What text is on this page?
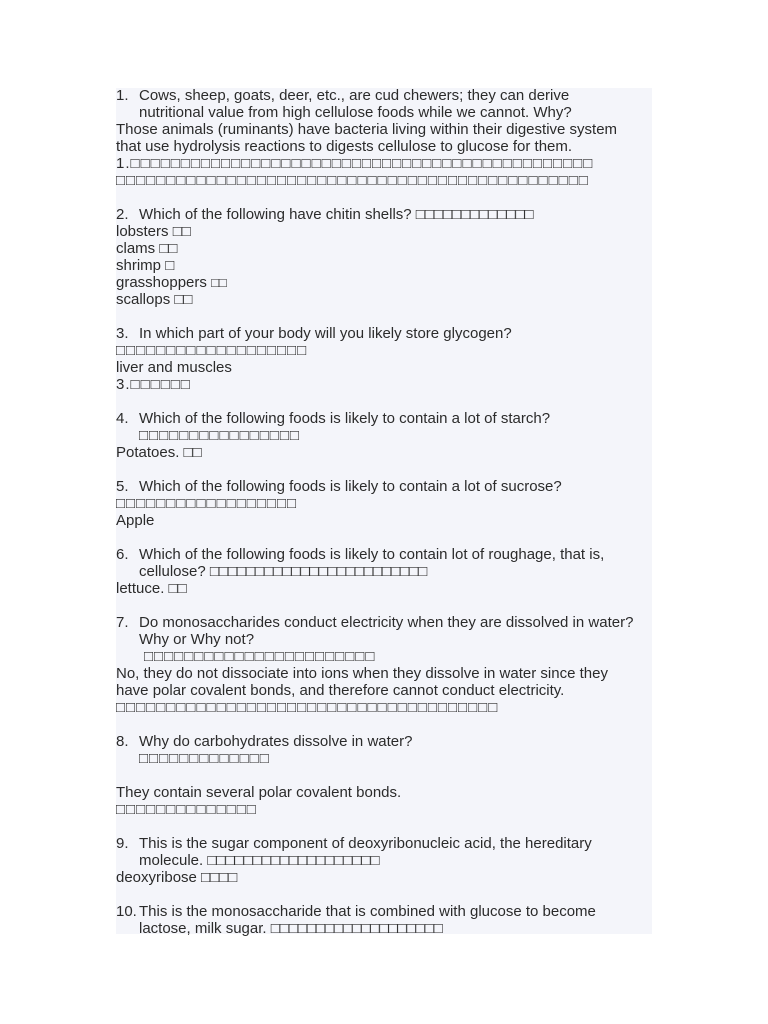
1. Cows, sheep, goats, deer, etc., are cud chewers; they can derive
nutritional value from high cellulose foods while we cannot. Why?
Those animals (ruminants) have bacteria living within their digestive system
that use hydrolysis reactions to digests cellulose to glucose for them.
1.□□□□□□□□□□□□□□□□□□□□□□□□□□□□□□□□□□□□□□□□□□□□□□
□□□□□□□□□□□□□□□□□□□□□□□□□□□□□□□□□□□□□□□□□□□□□□□
2. Which of the following have chitin shells? □□□□□□□□□□□□□
lobsters □□
clams □□
shrimp □
grasshoppers □□
scallops □□
3. In which part of your body will you likely store glycogen?
□□□□□□□□□□□□□□□□□□□
liver and muscles
3.□□□□□□
4. Which of the following foods is likely to contain a lot of starch?
□□□□□□□□□□□□□□□□
Potatoes. □□
5. Which of the following foods is likely to contain a lot of sucrose?
□□□□□□□□□□□□□□□□□□
Apple
6. Which of the following foods is likely to contain lot of roughage, that is,
cellulose? □□□□□□□□□□□□□□□□□□□□□□□□
lettuce. □□
7. Do monosaccharides conduct electricity when they are dissolved in water?
Why or Why not?
□□□□□□□□□□□□□□□□□□□□□□□
No, they do not dissociate into ions when they dissolve in water since they
have polar covalent bonds, and therefore cannot conduct electricity.
□□□□□□□□□□□□□□□□□□□□□□□□□□□□□□□□□□□□□□
8. Why do carbohydrates dissolve in water?
□□□□□□□□□□□□□
They contain several polar covalent bonds.
□□□□□□□□□□□□□□
9. This is the sugar component of deoxyribonucleic acid, the hereditary
molecule. □□□□□□□□□□□□□□□□□□□
deoxyribose □□□□
10. This is the monosaccharide that is combined with glucose to become
lactose, milk sugar. □□□□□□□□□□□□□□□□□□□
